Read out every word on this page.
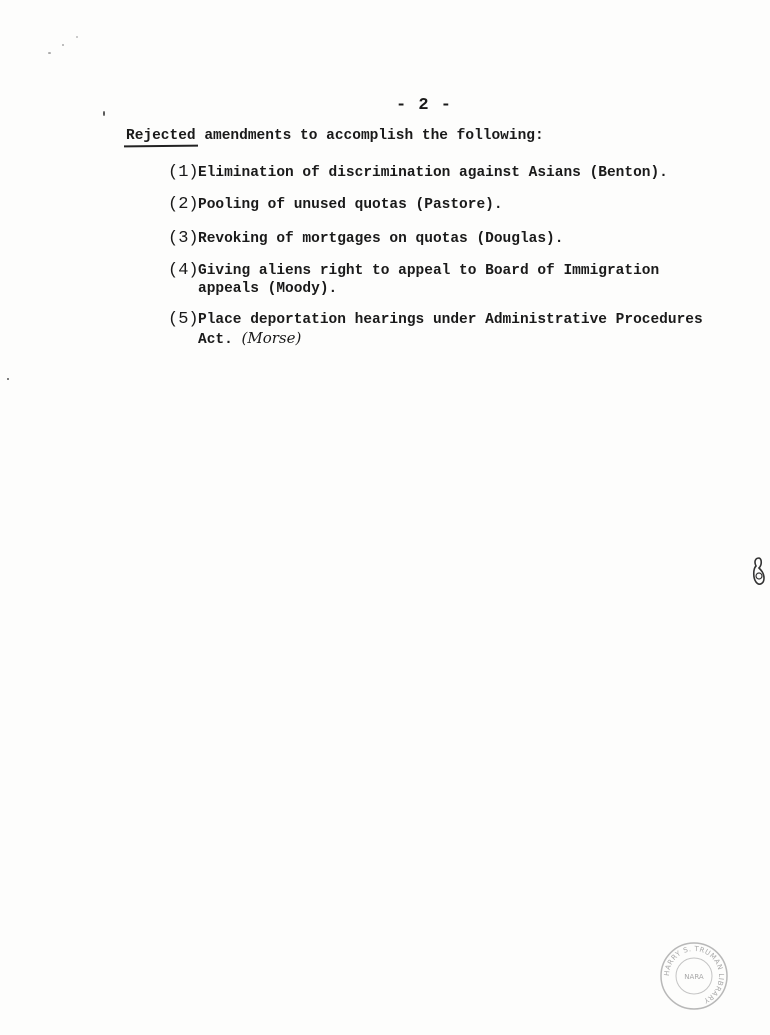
- 2 -
Rejected amendments to accomplish the following:
(1)Elimination of discrimination against Asians (Benton).
(2)Pooling of unused quotas (Pastore).
(3)Revoking of mortgages on quotas (Douglas).
(4)Giving aliens right to appeal to Board of Immigration
appeals (Moody).
(5)Place deportation hearings under Administrative Procedures
Act. (Morse)
HARRY S. TRUMAN LIBRARY
NARA
